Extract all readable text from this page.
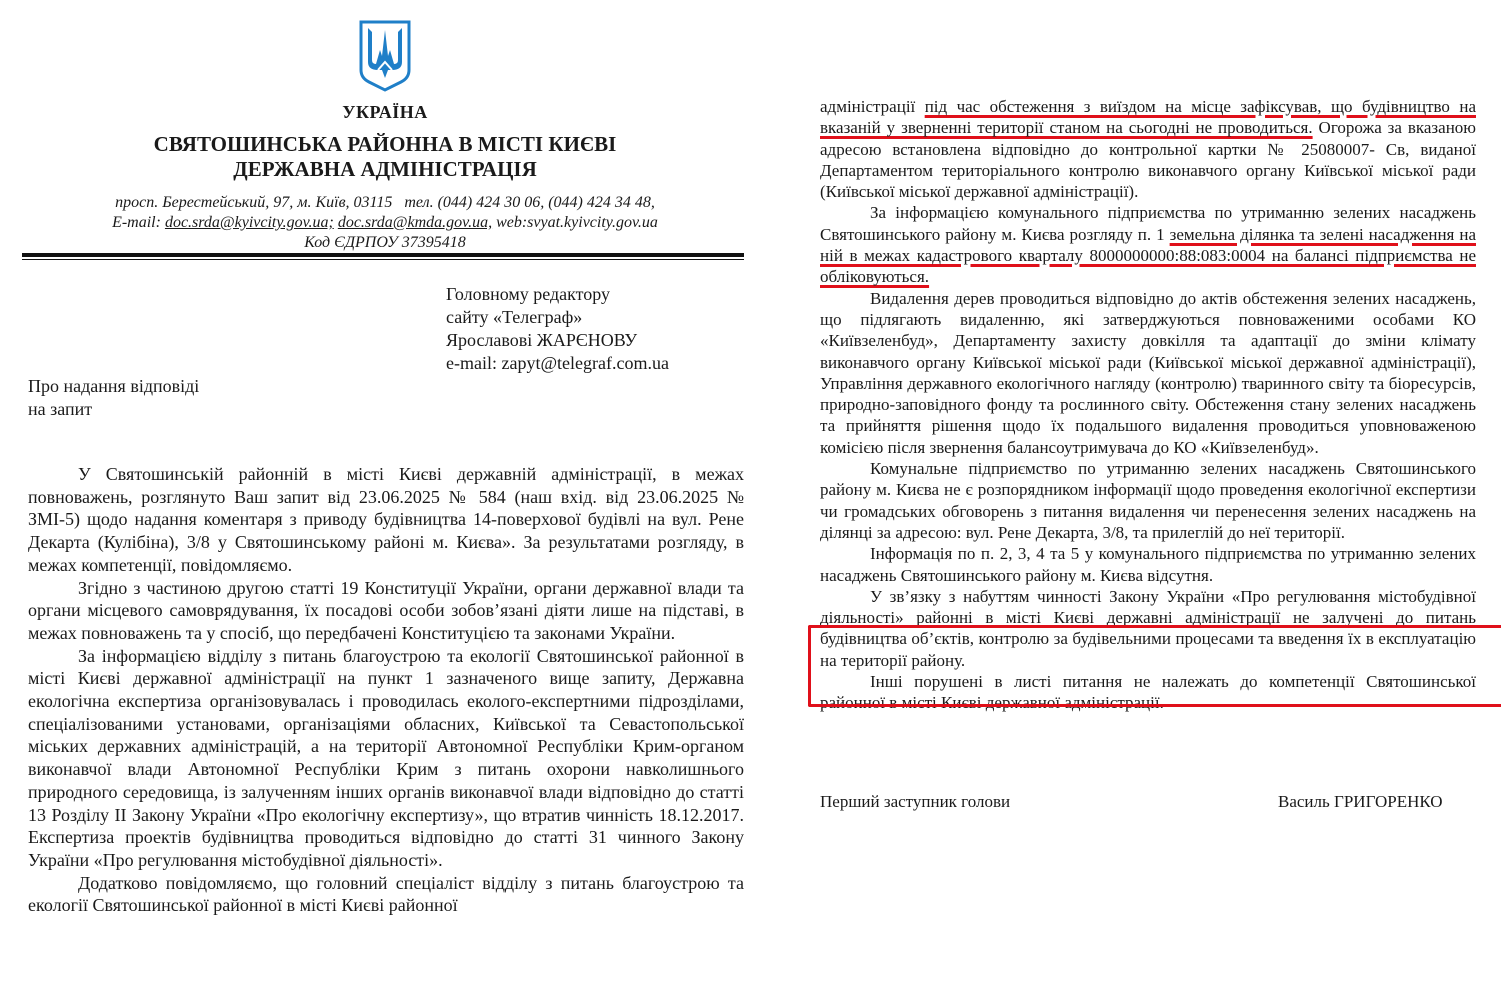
УКРАЇНА
СВЯТОШИНСЬКА РАЙОННА В МІСТІ КИЄВІ
ДЕРЖАВНА АДМІНІСТРАЦІЯ
просп. Берестейський, 97, м. Київ, 03115 тел. (044) 424 30 06, (044) 424 34 48,
E-mail: doc.srda@kyivcity.gov.ua; doc.srda@kmda.gov.ua, web:svyat.kyivcity.gov.ua
Код ЄДРПОУ 37395418
Головному редактору
сайту «Телеграф»
Ярославові ЖАРЄНОВУ
e-mail: zapyt@telegraf.com.ua
Про надання відповіді
на запит

У Святошинській районній в місті Києві державній адміністрації, в межах повноважень, розглянуто Ваш запит від 23.06.2025 № 584 (наш вхід. від 23.06.2025 № ЗМІ-5) щодо надання коментаря з приводу будівництва 14-поверхової будівлі на вул. Рене Декарта (Кулібіна), 3/8 у Святошинському районі м. Києва». За результатами розгляду, в межах компетенції, повідомляємо.

Згідно з частиною другою статті 19 Конституції України, органи державної влади та органи місцевого самоврядування, їх посадові особи зобов’язані діяти лише на підставі, в межах повноважень та у спосіб, що передбачені Конституцією та законами України.

За інформацією відділу з питань благоустрою та екології Святошинської районної в місті Києві державної адміністрації на пункт 1 зазначеного вище запиту, Державна екологічна експертиза організовувалась і проводилась еколого-експертними підрозділами, спеціалізованими установами, організаціями обласних, Київської та Севастопольської міських державних адміністрацій, а на території Автономної Республіки Крим-органом виконавчої влади Автономної Республіки Крим з питань охорони навколишнього природного середовища, із залученням інших органів виконавчої влади відповідно до статті 13 Розділу ІІ Закону України «Про екологічну експертизу», що втратив чинність 18.12.2017. Експертиза проектів будівництва проводиться відповідно до статті 31 чинного Закону України «Про регулювання містобудівної діяльності».

Додатково повідомляємо, що головний спеціаліст відділу з питань благоустрою та екології Святошинської районної в місті Києві районної

адміністрації під час обстеження з виїздом на місце зафіксував, що будівництво на вказаній у зверненні території станом на сьогодні не проводиться. Огорожа за вказаною адресою встановлена відповідно до контрольної картки № 25080007- Св, виданої Департаментом територіального контролю виконавчого органу Київської міської ради (Київської міської державної адміністрації).

За інформацією комунального підприємства по утриманню зелених насаджень Святошинського району м. Києва розгляду п. 1 земельна ділянка та зелені насадження на ній в межах кадастрового кварталу 8000000000:88:083:0004 на балансі підприємства не обліковуються.

Видалення дерев проводиться відповідно до актів обстеження зелених насаджень, що підлягають видаленню, які затверджуються повноваженими особами КО «Київзеленбуд», Департаменту захисту довкілля та адаптації до зміни клімату виконавчого органу Київської міської ради (Київської міської державної адміністрації), Управління державного екологічного нагляду (контролю) тваринного світу та біоресурсів, природно-заповідного фонду та рослинного світу. Обстеження стану зелених насаджень та прийняття рішення щодо їх подальшого видалення проводиться уповноваженою комісією після звернення балансоутримувача до КО «Київзеленбуд».

Комунальне підприємство по утриманню зелених насаджень Святошинського району м. Києва не є розпорядником інформації щодо проведення екологічної експертизи чи громадських обговорень з питання видалення чи перенесення зелених насаджень на ділянці за адресою: вул. Рене Декарта, 3/8, та прилеглій до неї території.

Інформація по п. 2, 3, 4 та 5 у комунального підприємства по утриманню зелених насаджень Святошинського району м. Києва відсутня.

У зв’язку з набуттям чинності Закону України «Про регулювання містобудівної діяльності» районні в місті Києві державні адміністрації не залучені до питань будівництва об’єктів, контролю за будівельними процесами та введення їх в експлуатацію на території району.

Інші порушені в листі питання не належать до компетенції Святошинської районної в місті Києві державної адміністрації.

Перший заступник голови	Василь ГРИГОРЕНКО
